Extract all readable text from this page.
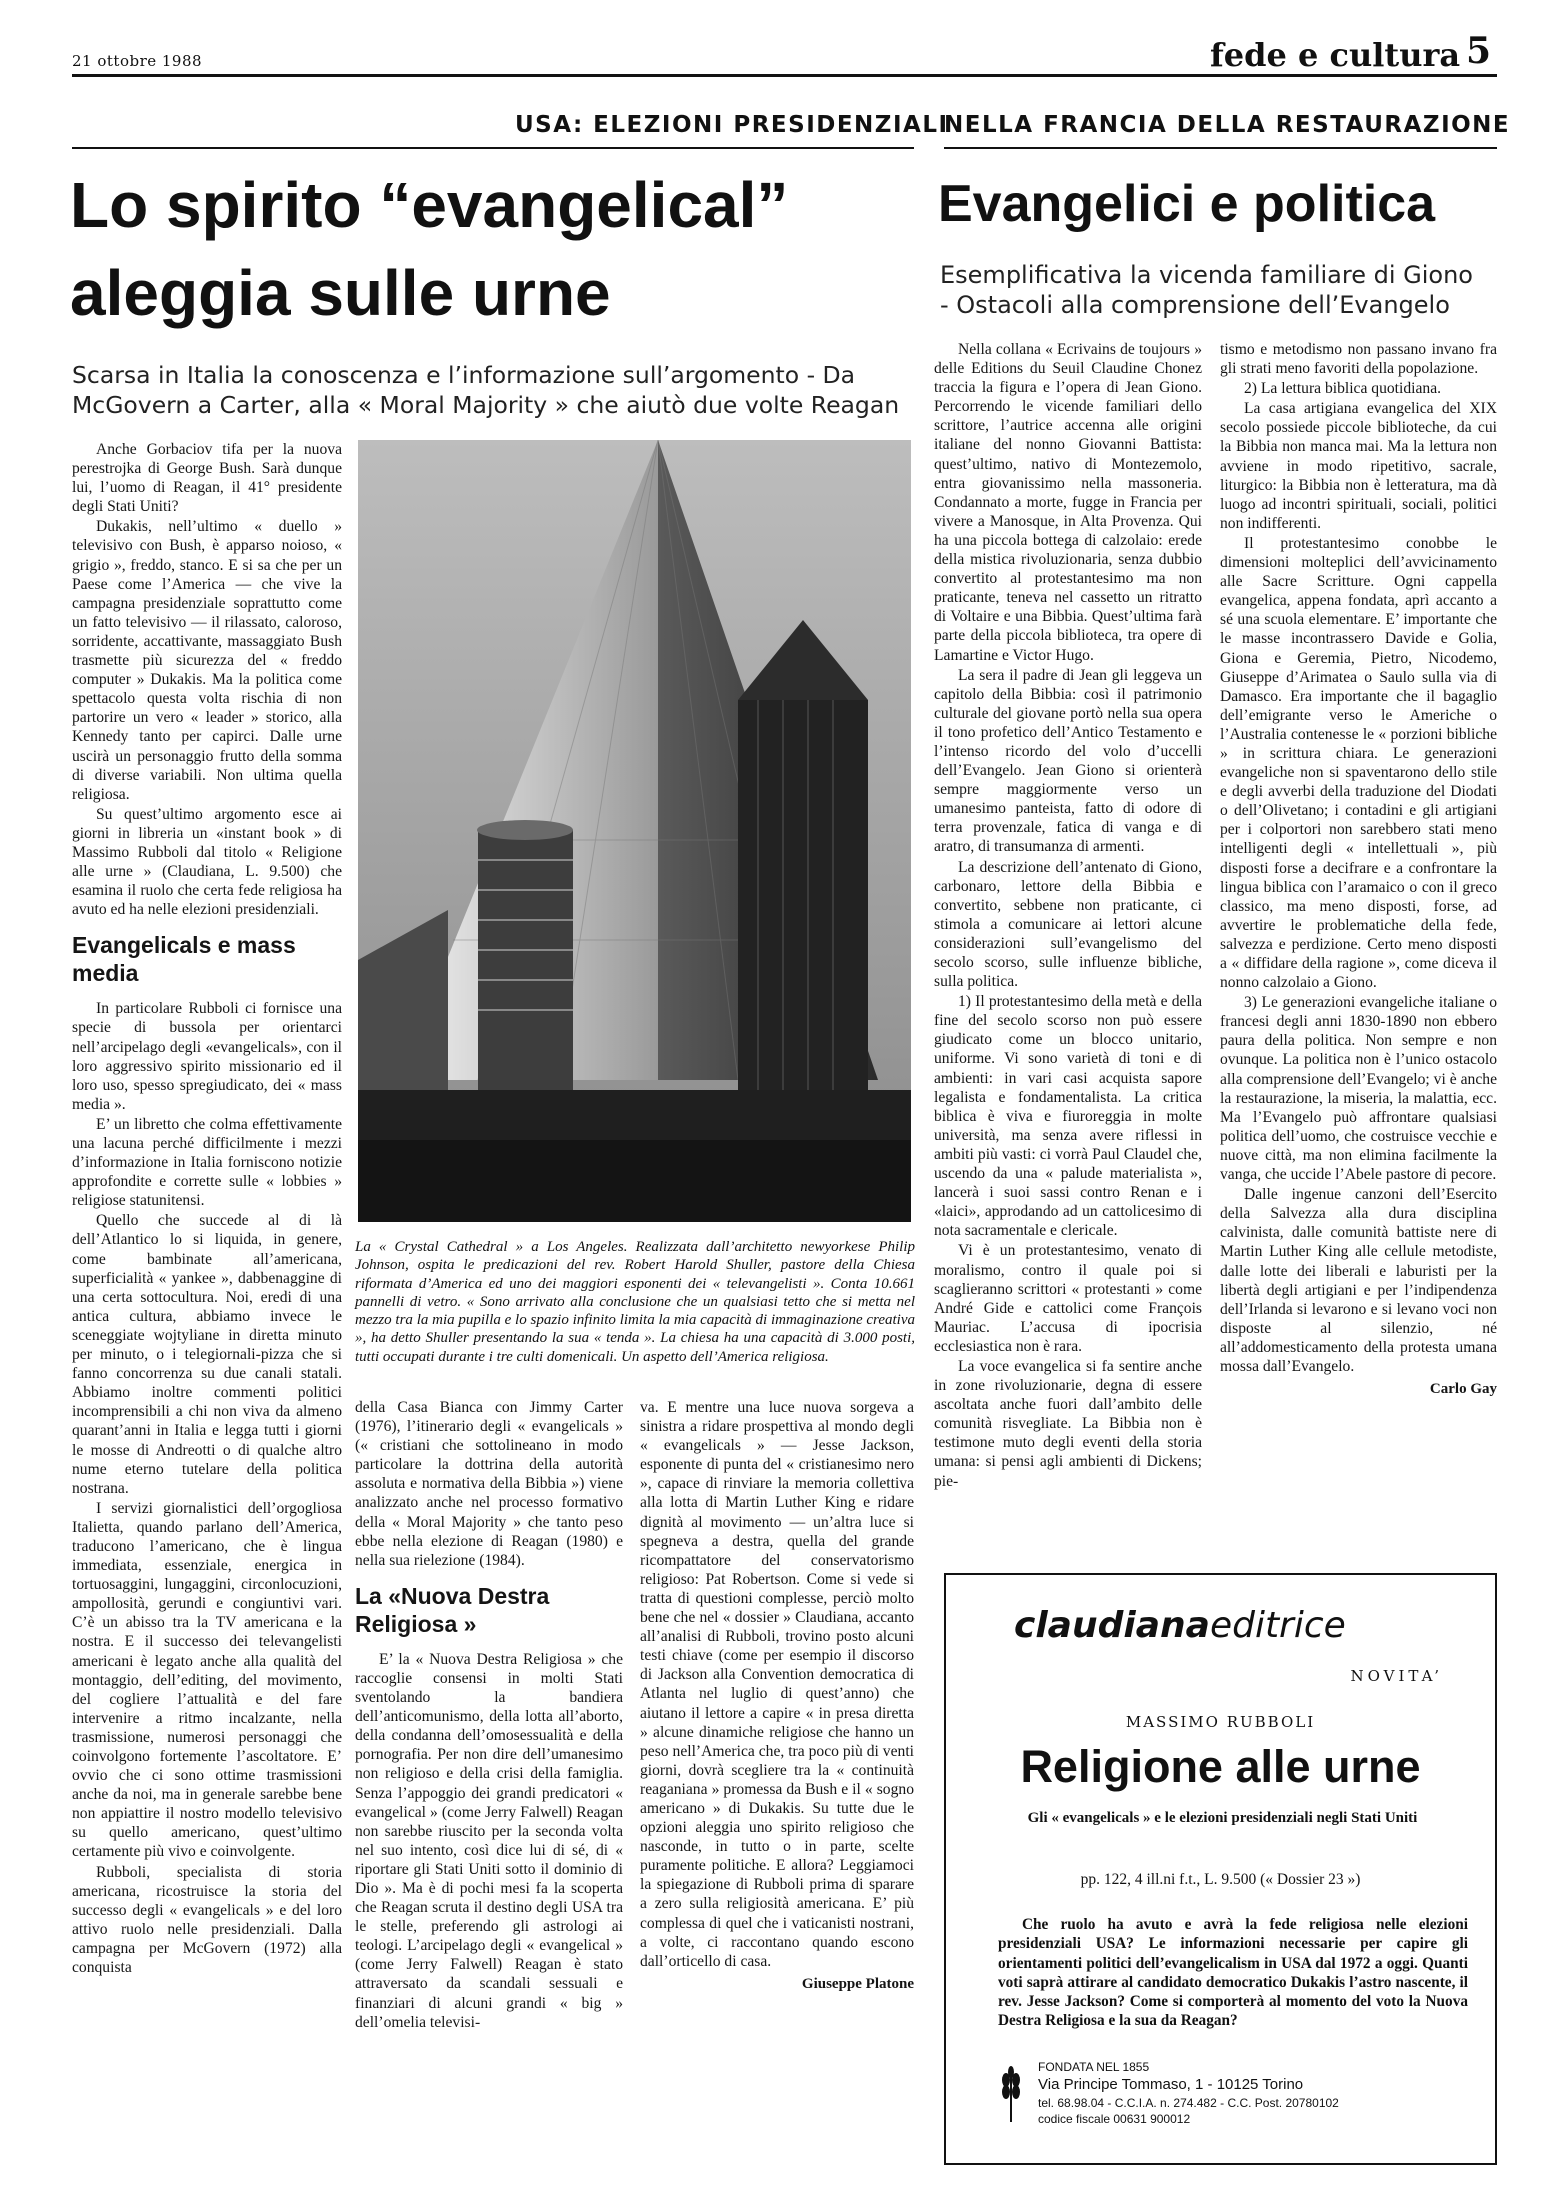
21 ottobre 1988	fede e cultura 5
USA: ELEZIONI PRESIDENZIALI
Lo spirito “evangelical”
aleggia sulle urne
Scarsa in Italia la conoscenza e l’informazione sull’argomento - Da McGovern a Carter, alla « Moral Majority » che aiutò due volte Reagan

Anche Gorbaciov tifa per la nuova perestrojka di George Bush. Sarà dunque lui, l’uomo di Reagan, il 41° presidente degli Stati Uniti?

Dukakis, nell’ultimo « duello » televisivo con Bush, è apparso noioso, « grigio », freddo, stanco. E si sa che per un Paese come l’America — che vive la campagna presidenziale soprattutto come un fatto televisivo — il rilassato, caloroso, sorridente, accattivante, massaggiato Bush trasmette più sicurezza del « freddo computer » Dukakis. Ma la politica come spettacolo questa volta rischia di non partorire un vero « leader » storico, alla Kennedy tanto per capirci. Dalle urne uscirà un personaggio frutto della somma di diverse variabili. Non ultima quella religiosa.

Su quest’ultimo argomento esce ai giorni in libreria un «instant book » di Massimo Rubboli dal titolo « Religione alle urne » (Claudiana, L. 9.500) che esamina il ruolo che certa fede religiosa ha avuto ed ha nelle elezioni presidenziali.

Evangelicals e mass media

In particolare Rubboli ci fornisce una specie di bussola per orientarci nell’arcipelago degli «evangelicals», con il loro aggressivo spirito missionario ed il loro uso, spesso spregiudicato, dei « mass media ».

E’ un libretto che colma effettivamente una lacuna perché difficilmente i mezzi d’informazione in Italia forniscono notizie approfondite e corrette sulle « lobbies » religiose statunitensi.

Quello che succede al di là dell’Atlantico lo si liquida, in genere, come bambinate all’americana, superficialità « yankee », dabbenaggine di una certa sottocultura. Noi, eredi di una antica cultura, abbiamo invece le sceneggiate wojtyliane in diretta minuto per minuto, o i telegiornali-pizza che si fanno concorrenza su due canali statali. Abbiamo inoltre commenti politici incomprensibili a chi non viva da almeno quarant’anni in Italia e legga tutti i giorni le mosse di Andreotti o di qualche altro nume eterno tutelare della politica nostrana.

I servizi giornalistici dell’orgogliosa Italietta, quando parlano dell’America, traducono l’americano, che è lingua immediata, essenziale, energica in tortuosaggini, lungaggini, circonlocuzioni, ampollosità, gerundi e congiuntivi vari. C’è un abisso tra la TV americana e la nostra. E il successo dei televangelisti americani è legato anche alla qualità del montaggio, dell’editing, del movimento, del cogliere l’attualità e del fare intervenire a ritmo incalzante, nella trasmissione, numerosi personaggi che coinvolgono fortemente l’ascoltatore. E’ ovvio che ci sono ottime trasmissioni anche da noi, ma in generale sarebbe bene non appiattire il nostro modello televisivo su quello americano, quest’ultimo certamente più vivo e coinvolgente.

Rubboli, specialista di storia americana, ricostruisce la storia del successo degli « evangelicals » e del loro attivo ruolo nelle presidenziali. Dalla campagna per McGovern (1972) alla conquista

La « Crystal Cathedral » a Los Angeles. Realizzata dall’architetto newyorkese Philip Johnson, ospita le predicazioni del rev. Robert Harold Shuller, pastore della Chiesa riformata d’America ed uno dei maggiori esponenti dei « televangelisti ». Conta 10.661 pannelli di vetro. « Sono arrivato alla conclusione che un qualsiasi tetto che si metta nel mezzo tra la mia pupilla e lo spazio infinito limita la mia capacità di immaginazione creativa », ha detto Shuller presentando la sua « tenda ». La chiesa ha una capacità di 3.000 posti, tutti occupati durante i tre culti domenicali. Un aspetto dell’America religiosa.

della Casa Bianca con Jimmy Carter (1976), l’itinerario degli « evangelicals » (« cristiani che sottolineano in modo particolare la dottrina della autorità assoluta e normativa della Bibbia ») viene analizzato anche nel processo formativo della « Moral Majority » che tanto peso ebbe nella elezione di Reagan (1980) e nella sua rielezione (1984).

La «Nuova Destra Religiosa »

E’ la « Nuova Destra Religiosa » che raccoglie consensi in molti Stati sventolando la bandiera dell’anticomunismo, della lotta all’aborto, della condanna dell’omosessualità e della pornografia. Per non dire dell’umanesimo non religioso e della crisi della famiglia. Senza l’appoggio dei grandi predicatori « evangelical » (come Jerry Falwell) Reagan non sarebbe riuscito per la seconda volta nel suo intento, così dice lui di sé, di « riportare gli Stati Uniti sotto il dominio di Dio ». Ma è di pochi mesi fa la scoperta che Reagan scruta il destino degli USA tra le stelle, preferendo gli astrologi ai teologi. L’arcipelago degli « evangelical » (come Jerry Falwell) Reagan è stato attraversato da scandali sessuali e finanziari di alcuni grandi « big » dell’omelia televisi-

va. E mentre una luce nuova sorgeva a sinistra a ridare prospettiva al mondo degli « evangelicals » — Jesse Jackson, esponente di punta del « cristianesimo nero », capace di rinviare la memoria collettiva alla lotta di Martin Luther King e ridare dignità al movimento — un’altra luce si spegneva a destra, quella del grande ricompattatore del conservatorismo religioso: Pat Robertson. Come si vede si tratta di questioni complesse, perciò molto bene che nel « dossier » Claudiana, accanto all’analisi di Rubboli, trovino posto alcuni testi chiave (come per esempio il discorso di Jackson alla Convention democratica di Atlanta nel luglio di quest’anno) che aiutano il lettore a capire « in presa diretta » alcune dinamiche religiose che hanno un peso nell’America che, tra poco più di venti giorni, dovrà scegliere tra la « continuità reaganiana » promessa da Bush e il « sogno americano » di Dukakis. Su tutte due le opzioni aleggia uno spirito religioso che nasconde, in tutto o in parte, scelte puramente politiche. E allora? Leggiamoci la spiegazione di Rubboli prima di sparare a zero sulla religiosità americana. E’ più complessa di quel che i vaticanisti nostrani, a volte, ci raccontano quando escono dall’orticello di casa.

Giuseppe Platone
NELLA FRANCIA DELLA RESTAURAZIONE
Evangelici e politica
Esemplificativa la vicenda familiare di Giono
- Ostacoli alla comprensione dell’Evangelo

Nella collana « Ecrivains de toujours » delle Editions du Seuil Claudine Chonez traccia la figura e l’opera di Jean Giono. Percorrendo le vicende familiari dello scrittore, l’autrice accenna alle origini italiane del nonno Giovanni Battista: quest’ultimo, nativo di Montezemolo, entra giovanissimo nella massoneria. Condannato a morte, fugge in Francia per vivere a Manosque, in Alta Provenza. Qui ha una piccola bottega di calzolaio: erede della mistica rivoluzionaria, senza dubbio convertito al protestantesimo ma non praticante, teneva nel cassetto un ritratto di Voltaire e una Bibbia. Quest’ultima farà parte della piccola biblioteca, tra opere di Lamartine e Victor Hugo.

La sera il padre di Jean gli leggeva un capitolo della Bibbia: così il patrimonio culturale del giovane portò nella sua opera il tono profetico dell’Antico Testamento e l’intenso ricordo del volo d’uccelli dell’Evangelo. Jean Giono si orienterà sempre maggiormente verso un umanesimo panteista, fatto di odore di terra provenzale, fatica di vanga e di aratro, di transumanza di armenti.

La descrizione dell’antenato di Giono, carbonaro, lettore della Bibbia e convertito, sebbene non praticante, ci stimola a comunicare ai lettori alcune considerazioni sull’evangelismo del secolo scorso, sulle influenze bibliche, sulla politica.

1) Il protestantesimo della metà e della fine del secolo scorso non può essere giudicato come un blocco unitario, uniforme. Vi sono varietà di toni e di ambienti: in vari casi acquista sapore legalista e fondamentalista. La critica biblica è viva e fiuroreggia in molte università, ma senza avere riflessi in ambiti più vasti: ci vorrà Paul Claudel che, uscendo da una « palude materialista », lancerà i suoi sassi contro Renan e i «laici», approdando ad un cattolicesimo di nota sacramentale e clericale.

Vi è un protestantesimo, venato di moralismo, contro il quale poi si scaglieranno scrittori « protestanti » come André Gide e cattolici come François Mauriac. L’accusa di ipocrisia ecclesiastica non è rara.

La voce evangelica si fa sentire anche in zone rivoluzionarie, degna di essere ascoltata anche fuori dall’ambito delle comunità risvegliate. La Bibbia non è testimone muto degli eventi della storia umana: si pensi agli ambienti di Dickens; pie-

tismo e metodismo non passano invano fra gli strati meno favoriti della popolazione.

2) La lettura biblica quotidiana.

La casa artigiana evangelica del XIX secolo possiede piccole biblioteche, da cui la Bibbia non manca mai. Ma la lettura non avviene in modo ripetitivo, sacrale, liturgico: la Bibbia non è letteratura, ma dà luogo ad incontri spirituali, sociali, politici non indifferenti.

Il protestantesimo conobbe le dimensioni molteplici dell’avvicinamento alle Sacre Scritture. Ogni cappella evangelica, appena fondata, aprì accanto a sé una scuola elementare. E’ importante che le masse incontrassero Davide e Golia, Giona e Geremia, Pietro, Nicodemo, Giuseppe d’Arimatea o Saulo sulla via di Damasco. Era importante che il bagaglio dell’emigrante verso le Americhe o l’Australia contenesse le « porzioni bibliche » in scrittura chiara. Le generazioni evangeliche non si spaventarono dello stile e degli avverbi della traduzione del Diodati o dell’Olivetano; i contadini e gli artigiani per i colportori non sarebbero stati meno intelligenti degli « intellettuali », più disposti forse a decifrare e a confrontare la lingua biblica con l’aramaico o con il greco classico, ma meno disposti, forse, ad avvertire le problematiche della fede, salvezza e perdizione. Certo meno disposti a « diffidare della ragione », come diceva il nonno calzolaio a Giono.

3) Le generazioni evangeliche italiane o francesi degli anni 1830-1890 non ebbero paura della politica. Non sempre e non ovunque. La politica non è l’unico ostacolo alla comprensione dell’Evangelo; vi è anche la restaurazione, la miseria, la malattia, ecc. Ma l’Evangelo può affrontare qualsiasi politica dell’uomo, che costruisce vecchie e nuove città, ma non elimina facilmente la vanga, che uccide l’Abele pastore di pecore.

Dalle ingenue canzoni dell’Esercito della Salvezza alla dura disciplina calvinista, dalle comunità battiste nere di Martin Luther King alle cellule metodiste, dalle lotte dei liberali e laburisti per la libertà degli artigiani e per l’indipendenza dell’Irlanda si levarono e si levano voci non disposte al silenzio, né all’addomesticamento della protesta umana mossa dall’Evangelo.

Carlo Gay
claudianaeditrice
NOVITA’
MASSIMO RUBBOLI
Religione alle urne
Gli « evangelicals » e le elezioni presidenziali negli Stati Uniti
pp. 122, 4 ill.ni f.t., L. 9.500 (« Dossier 23 »)
Che ruolo ha avuto e avrà la fede religiosa nelle elezioni presidenziali USA? Le informazioni necessarie per capire gli orientamenti politici dell’evangelicalism in USA dal 1972 a oggi. Quanti voti saprà attirare al candidato democratico Dukakis l’astro nascente, il rev. Jesse Jackson? Come si comporterà al momento del voto la Nuova Destra Religiosa e la sua da Reagan?
FONDATA NEL 1855
Via Principe Tommaso, 1 - 10125 Torino
tel. 68.98.04 - C.C.I.A. n. 274.482 - C.C. Post. 20780102
codice fiscale 00631 900012
